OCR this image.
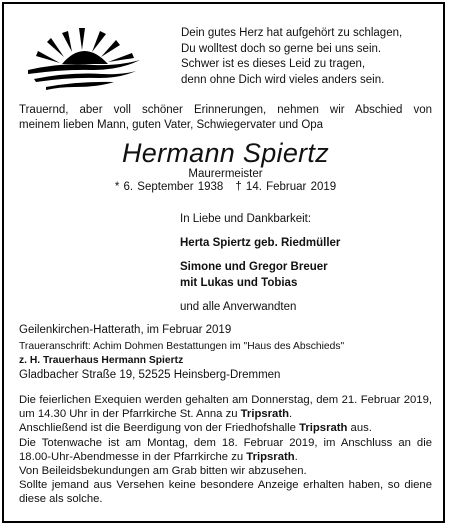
Dein gutes Herz hat aufgehört zu schlagen,
Du wolltest doch so gerne bei uns sein.
Schwer ist es dieses Leid zu tragen,
denn ohne Dich wird vieles anders sein.
Trauernd, aber voll schöner Erinnerungen, nehmen wir Abschied von
meinem lieben Mann, guten Vater, Schwiegervater und Opa
Hermann Spiertz
Maurermeister
* 6. September 1938 † 14. Februar 2019
In Liebe und Dankbarkeit:
Herta Spiertz geb. Riedmüller
Simone und Gregor Breuer
mit Lukas und Tobias
und alle Anverwandten
Geilenkirchen-Hatterath, im Februar 2019
Traueranschrift: Achim Dohmen Bestattungen im "Haus des Abschieds"
z. H. Trauerhaus Hermann Spiertz
Gladbacher Straße 19, 52525 Heinsberg-Dremmen

Die feierlichen Exequien werden gehalten am Donnerstag, dem 21. Februar 2019, um 14.30 Uhr in der Pfarrkirche St. Anna zu Tripsrath.

Anschließend ist die Beerdigung von der Friedhofshalle Tripsrath aus.

Die Totenwache ist am Montag, dem 18. Februar 2019, im Anschluss an die 18.00-Uhr-Abendmesse in der Pfarrkirche zu Tripsrath.

Von Beileidsbekundungen am Grab bitten wir abzusehen.

Sollte jemand aus Versehen keine besondere Anzeige erhalten haben, so diene diese als solche.
